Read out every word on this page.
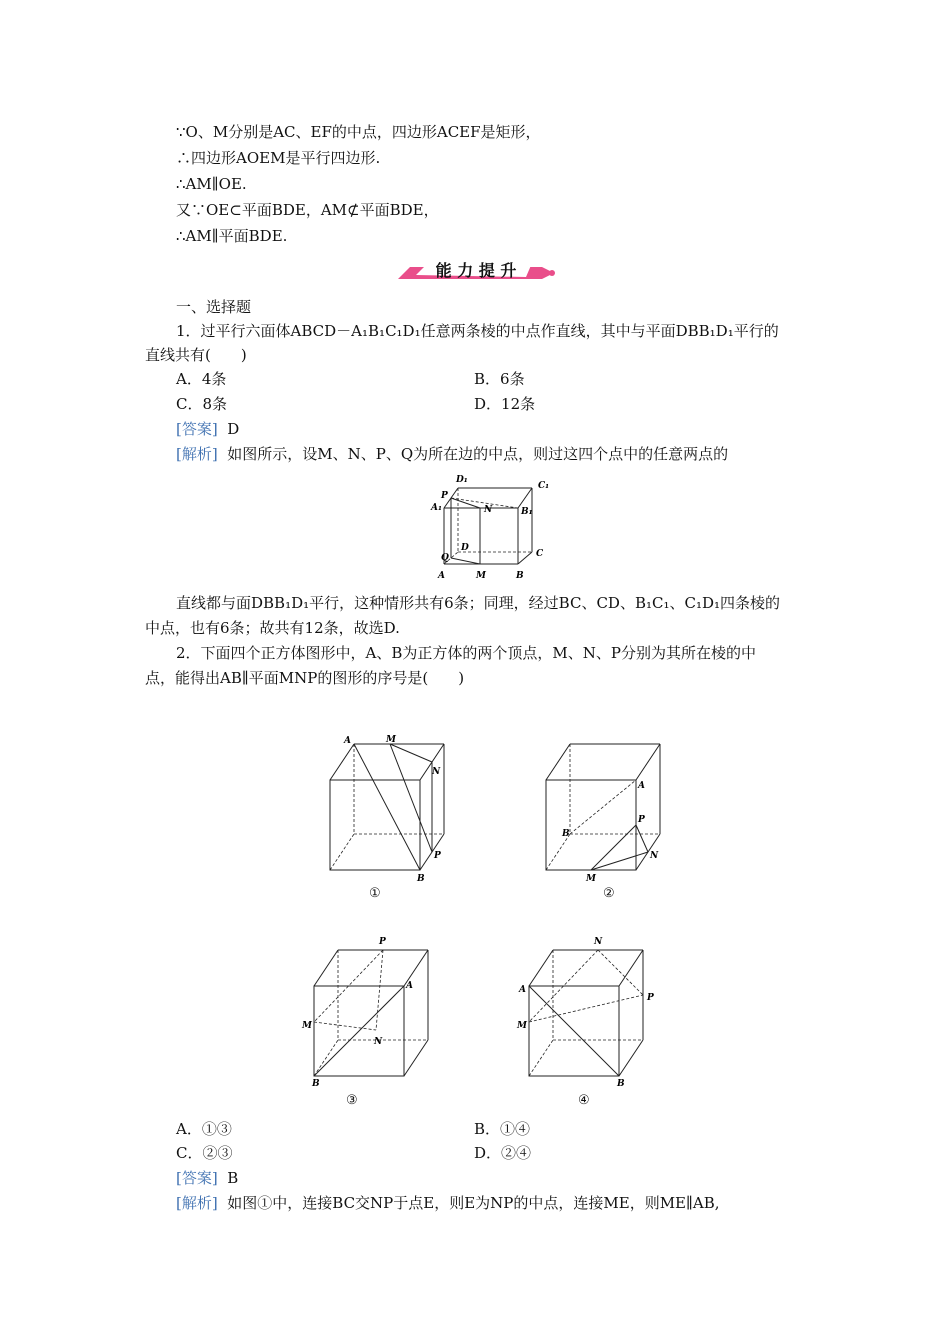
∵O、M分别是AC、EF的中点，四边形ACEF是矩形，
∴四边形AOEM是平行四边形.
∴AM∥OE.
又∵OE⊂平面BDE，AM⊄平面BDE，
∴AM∥平面BDE.
能 力 提 升
一、选择题
1．过平行六面体ABCD－A₁B₁C₁D₁任意两条棱的中点作直线，其中与平面DBB₁D₁平行的
直线共有(　　)
A．4条	B．6条
C．8条	D．12条
[答案] D
[解析] 如图所示，设M、N、P、Q为所在边的中点，则过这四个点中的任意两点的
D₁
C₁
A₁	B₁
P
N
D
C
Q
A	M	B
直线都与面DBB₁D₁平行，这种情形共有6条；同理，经过BC、CD、B₁C₁、C₁D₁四条棱的
中点，也有6条；故共有12条，故选D.
2．下面四个正方体图形中，A、B为正方体的两个顶点，M、N、P分别为其所在棱的中
点，能得出AB∥平面MNP的图形的序号是(　　)
A	M
N
P
B
①
A
B
P
N
M
②
A
P
M
N
B
③
A
N
P
M
B
④
A．①③	B．①④
C．②③	D．②④
[答案] B
[解析] 如图①中，连接BC交NP于点E，则E为NP的中点，连接ME，则ME∥AB,
